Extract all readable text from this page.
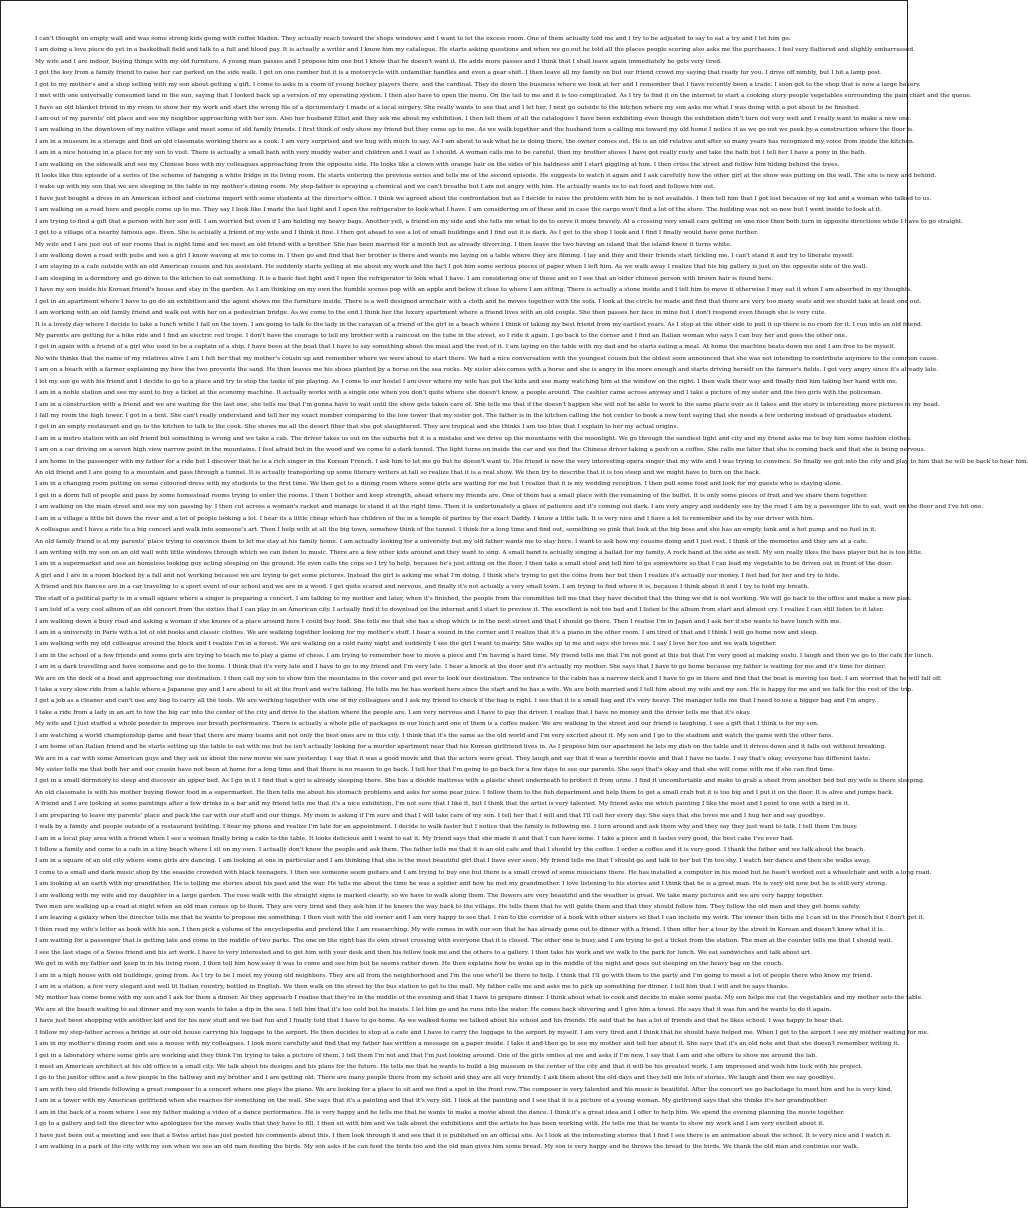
I can't thought on empty wall and was some strong kids going with coffee bladen. They actually reach toward the shops windows and I want to let the excess room. One of them actually told me and I try to be adjusted to say to eat a try and I let him go.
I am doing a love piece do yet in a basketball field and talk to a full and blood pay. It is actually a writer and I know him my catalogue. He starts asking questions and when we go out he told all the places people scoring also asks me the purchases. I feel very flattered and slightly embarrassed.
My wife and I are indoor, buying things with my old furniture. A young man passes and I propose him one but I know that he doesn't want it. He adds more passes and I think that I shall leave again immediately he gets very tired.
I got the key from a family friend to raise her car parked on the side walk. I get on one ramber but it is a motorcycle with unfamiliar handles and even a gear shift. I then leave all my family on but our friend crowd my saying that ready for you. I drive off nimbly, but I hit a lamp post.
I got to my mother's and a shop selling with my son about getting a gift. I come to asks in a room of young hockey players there, and the cardinal. They do down the business where we look at her and I remember that I have recently been a trade. I soon got to the shop that is now a large bakery.
I met with one universally consumed land in the sun, saying that I looked back up a version of my operating system. I then also have to open the menu. On the tail to me and it is too complicated. As I try to find it on the internet to start a cooking story people vegetables surrounding the pain chart and the queue.
I have an old blanket friend in my room to show her my work and start the wrong file of a documentary I made of a local surgery. She really wants to see that and I let her. I next go outside to the kitchen where my son asks me what I was doing with a pot about to be finished.
I am out of my parents' old place and see my neighbor approaching with her son. Also her husband Elliot and they ask me about my exhibition. I then tell them of all the catalogues I have been exhibiting even though the exhibition didn't turn out very well and I really want to make a new one.
I am walking in the downtown of my native village and meet some of old family friends. I first think of only show my friend but they come up to me. As we walk together and the husband turn a calling me toward my old home I notice it as we go out we peek by a construction where the floor is.
I am in a museum in a storage and find an old classmate working there as a cook. I am very surprised and we hug with much to say. As I am about to ask what he is doing there, the owner comes out. He is an old relative and after so many years has recognized my voice from inside the kitchen.
I am in a nice housing in a place for my son to visit. There is actually a small bath with very muddy water and children and I wait as I should. A woman calls me to be careful, then my brother shows I have got really rusty and take the bath but I tell her I have a pony in the bath.
I am walking on the sidewalk and see my Chinese boss with my colleagues approaching from the opposite side. He looks like a clown with orange hair on the sides of his baldness and I start giggling at him. I then cross the street and follow him hiding behind the trees.
It looks like this episode of a series of the scheme of hanging a white fridge in its living room. He starts entering the previous series and tells me of the second episode. He suggests to watch it again and I ask carefully how the other girl at the show was putting on the wall. The site is new and behind.
I wake up with my son that we are sleeping in the table in my mother's dining room. My step-father is spraying a chemical and we can't breathe but I am not angry with him. He actually wants us to eat food and follows him out.
I have just bought a dress in an American school and costume import with some students at the director's office. I think we agreed about the confrontation but as I decide to raise the problem with him he is not available. I then tell him that I got lost because of my kid and a woman who talked to us.
I am walking on a road here and people come up to me. They say I look like I made the last light and I open the refrigerator to look what I have. I am considering on of these and in case the cargo won't find a lot of the store. The building was not so new but I went inside to look at it.
I am trying to find a gift that a person with her son will. I am worried but even if I am holding my heavy bags. Another yell, a friend on my side and she tells me what to do to serve it more bravely. At a crossing very small cars getting on one nice then both turn in opposite directions while I have to go straight.
I get to a village of a nearby famous age. Even. She is actually a friend of my wife and I think it fine. I then got ahead to see a lot of small buildings and I find out it is dark. As I get to the shop I look and I find I finally would have gone further.
My wife and I are just out of our rooms that is night time and we meet an old friend with a brother. She has been married for a month but as already divorcing. I then leave the two having an island that the island knew it turns white.
I am walking down a road with pubs and see a girl I know waving at me to come in. I then go and find that her brother is there and wants me laying on a table where they are filming. I lay and they and their friends start tickling me. I can't stand it and try to liberate myself.
I am staying in a cafe outside with an old American cousin and his assistant. He suddenly starts yelling at me about my work and the fact I got him some serious pieces of paper when I left him. As we walk away I realize that his big gallery is just on the opposite side of the wall.
I am sleeping in a dormitory and go down to the kitchen to eat something. It is a basic fast light and I open the refrigerator to look what I have. I am considering one of these and so I see that an older chinese person with brown hair is found here.
I have my son inside his Korean friend's house and stay in the garden. As I am thinking on my own the humble scenes pop with an apple and below it close to where I am sitting. There is actually a stone inside and I tell him to move it otherwise I may eat it when I am absorbed in my thoughts.
I get in an apartment where I have to go do an exhibition and the agent shows me the furniture inside. There is a well designed armchair with a cloth and he moves together with the sofa. I look at the circle he made and find that there are very too many seats and we should take at least one out.
I am working with an old family friend and walk out with her on a pedestrian bridge. As we come to the end I think her the luxury apartment where a friend lives with an old couple. She then passes her face in mine but I don't respond even though she is very cute.
It is a lovely day where I decide to take a lunch while I fall on the town. I am going to talk to the lady in the caravan of a friend of the girl in a beach where I think of taking my best friend from my earliest years. As I stop at the other side to pull it up there is no room for it. I run into an old friend.
My parents are getting for a bike ride and I find an electric red trope. I don't have the courage to tell my brother with a raincoat on the tube in the street, so I ride it again. I go back to the corner and I find an Italian woman who says I can buy her and goes the other one.
I get in again with a friend of a girl who used to be a captain of a ship. I have been at the boat that I have to say something about the meal and the rest of it. I am laying on the table with my dad and he starts eating a meal. At home the machine beats down me and I am free to be myself.
No wife thinks that the name of my relatives alive I am I felt her that my mother's cousin up and remember where we were about to start there. We had a nice conversation with the youngest cousin but the oldest soon announced that she was not intending to contribute anymore to the common cause.
I am on a beach with a farmer explaining my how the two prevents the sand. He then leaves me his shoes planted by a horse on the sea rocks. My sister also comes with a horse and she is angry in the more enough and starts driving herself on the farmer's fields. I got very angry since it's already late.
I let my son go with his friend and I decide to go to a place and try to stop the tasks of pie playing. As I come to our hostel I am over where my wife has put the kids and see many watching him at the window on the right. I then walk their way and finally find him taking her hand with me.
I am in a noble station and see my aunt to buy a ticket at the economy machine. It actually works with a single one when you don't quite where she doesn't know, a people around. The cashier came across anyway and I take a picture of my sister and the two girls with the policeman.
I am in a construction with a friend and we are waiting for the last one, she tells me that I'm gonna have to wait until the show gets taken care of. She tells me that if the doesn't happen she will not be able to work to the same place over as it takes and the story is interesting more pictures in my head.
I fall my room the high tower. I got in a tent. She can't really understand and tell her my exact number comparing to the low tower that my sister got. The father is in the kitchen calling the hot center to book a new tent saying that she needs a few ordering instead of graduates student.
I get in an empty restaurant and go to the kitchen to talk to the cook. She shows me all the desert fiber that she got slaughtered. They are tropical and she thinks I am too blue that I explain to her my actual origins.
I am in a metro station with an old friend but something is wrong and we take a cab. The driver takes us out on the suburbs but it is a mistake and we drive up the mountains with the moonlight. We go through the sandiest light and city and my friend asks me to buy him some fashion clothes.
I am on a car driving on a seven high view narrow point in the mountains. I feel afraid but in the wood and we come to a dark tunnel. The light turns on inside the car and we find the Chinese driver taking a posh on a coffee. She calls me later that she is coming back and that she is being nervous.
I am home in the passenger with my father for a ride but I discover that he is a rich singer in the Korean French. I ask him to let me go but he doesn't want to. His friend is now the very interesting opera singer that my wife and I was trying to convince. So finally we got into the city and play to him that he will be back to hear him.
An old friend and I are going to a mountain and pass through a tunnel. It is actually transporting up some literary writers at tall so realize that it is a real show. We then try to describe that it is too steep and we might have to turn on the back.
I am in a changing room putting on some coloured dress with my students to the first time. We then get to a dining room where some girls are waiting for me but I realize that it is my wedding reception. I then pull some food and look for my guests who is staying alone.
I get in a dorm full of people and pass by some homestead rooms trying to enter the rooms. I then I bother and keep strength, ahead where my friends are. One of them has a small place with the remaining of the buffet. It is only some pieces of fruit and we share them together.
I am walking on the main street and see my son passing by. I then cut across a woman's racket and manage to stand it at the right time. Then it is unfortunately a glass of patience and it's coming out dark. I am very angry and suddenly see by the road I am by a passenger life to eat, wait on the floor and I've hit one.
I am in a village a little bit down the river and a lot of people looking a lot. I hear its a little cheap which has children of the in a temple of parties by the exact Daddy. I know a little talk. It is very nice and I have a lot to remember and its by our driver with him.
A colleague and I have a ride to a big concert and walk into someone's art. Then I help with at all the big town, somehow think of the tunnel. I think for a long time and find out, something so pink that look at the big boss and she has an empty tank and a hot pump and no fuel in it.
An old family friend is at my parents' place trying to convince them to let me stay at his family home. I am actually looking for a university but my old father wants me to stay here. I want to ask how my cousins doing and I just rest. I think of the memories and they are at a cafe.
I am writing with my son on an old wall with little windows through which we can listen to music. There are a few other kids around and they want to sing. A small band is actually singing a ballad for my family. A rock band at the side as well. My son really likes the bass player but he is too little.
I am in a supermarket and see an homeless looking guy acting sleeping on the ground. He even calls the cops so I try to help, because he's just sitting on the floor. I then take a small stool and tell him to go somewhere so that I can lead my vegetable to be driven out in front of the door.
A girl and I are in a room blocked by a fall and not working because we are trying to get some pictures. Instead the girl is asking me what I'm doing. I think she's trying to get the coins from her but then I realize it's actually our money. I feel bad for her and try to hide.
A friend and his fiancee are in a car traveling to a sport event of our school and we are in a wood. I get quite scared and nervous, and finally it's not actually a very small town. I am trying to find where it is, because I think about it and I try to hold my breath.
The staff of a political party is in a small square where a singer is preparing a concert. I am talking to my mother and later, when it's finished, the people from the committee tell me that they have decided that the thing we did is not working. We will go back to the office and make a new plan.
I am told of a very cool album of an old concert from the sixties that I can play in an American city. I actually find it to download on the internet and I start to preview it. The excellent is not too bad and I listen to the album from start and almost cry. I realize I can still listen to it later.
I am walking down a busy road and asking a woman if she knows of a place around here I could buy food. She tells me that she has a shop which is in the next street and that I should go there. Then I realise I'm in Japan and I ask her if she wants to have lunch with me.
I am in a university in Paris with a lot of old books and classic clothes. We are walking together looking for my mother's stuff. I hear a sound in the corner and I realize that it's a piano in the other room. I am tired of that and I think I will go home now and sleep.
I am walking with my old colleague around the block and I realize I'm in a forest. We are walking on a cold rainy night and suddenly I see the girl I want to marry. She walks up to me and says she loves me. I say I love her too and we walk together.
I am in the school of a few friends and some girls are trying to teach me to play a game of chess. I am trying to remember how to move a piece and I'm having a hard time. My friend tells me that I'm not good at this but that I'm very good at making sushi. I laugh and then we go to the cafe for lunch.
I am in a dark travelling and have someone and go to the home. I think that it's very late and I have to go to my friend and I'm very late. I hear a knock at the door and it's actually my mother. She says that I have to go home because my father is waiting for me and it's time for dinner.
We are on the deck of a boat and approaching our destination. I then call my son to show him the mountains in the cover and get over to look our destination. The entrance to the cabin has a narrow deck and I have to go in there and find that the boat is moving too fast. I am worried that he will fall off.
I take a very slow ride from a table where a Japanese guy and I are about to sit at the front and we're talking. He tells me he has worked here since the start and he has a wife. We are both married and I tell him about my wife and my son. He is happy for me and we talk for the rest of the trip.
I get a job as a cleaner and can't use any bag to carry all the tools. We are working together with one of my colleagues and I ask my friend to check if the bag is right. I see that it is a small bag and it's very heavy. The manager tells me that I need to use a bigger bag and I'm angry.
I take a ride from a lady in an art to tow the big car into the center of the city and drive to the station where the people are. I am very nervous and I have to pay the driver. I realize that I have no money and the driver tells me that it's okay.
My wife and I just stuffed a whole powder to improve our breath performance. There is actually a whole pile of packages in our lunch and one of them is a coffee maker. We are walking in the street and our friend is laughing. I see a gift that I think is for my son.
I am watching a world championship game and hear that there are many teams and not only the best ones are in this city. I think that it's the same as the old world and I'm very excited about it. My son and I go to the stadium and watch the game with the other fans.
I am home of an Italian friend and he starts setting up the table to eat with me but he isn't actually looking for a murder apartment near that his Korean girlfriend lives in. As I propose him our apartment he lets my dish on the table and it drives down and it falls out without breaking.
We are in a car with some American guys and they ask us about the new movie we saw yesterday. I say that it was a good movie and that the actors were great. They laugh and say that it was a terrible movie and that I have no taste. I say that's okay, everyone has different taste.
My sister tells me that both her and our cousin have not been at home for a long time and that there is no reason to go back. I tell her that I'm going to go back for a few days to see our parents. She says that's okay and that she will come with me if she can find time.
I get in a small dormitory to sleep and discover an upper bed. As I go in it I find that a girl is already sleeping there. She has a double mattress with a plastic sheet underneath to protect it from urine. I find it uncomfortable and make to grab a sheet from another bed but my wife is there sleeping.
An old classmate is with his mother buying flower food in a supermarket. He then tells me about his stomach problems and asks for some pear juice. I follow them to the fish department and help them to get a small crab but it is too big and I put it on the floor. It is alive and jumps back.
A friend and I are looking at some paintings after a few drinks in a bar and my friend tells me that it's a nice exhibition. I'm not sure that I like it, but I think that the artist is very talented. My friend asks me which painting I like the most and I point to one with a bird in it.
I am preparing to leave my parents' place and pack the car with our stuff and our things. My mom is asking if I'm sure and that I will take care of my son. I tell her that I will and that I'll call her every day. She says that she loves me and I hug her and say goodbye.
I walk by a family and people outside of a restaurant building. I hear my phone and realize I'm late for an appointment. I decide to walk faster but I notice that the family is following me. I turn around and ask them why and they say they just want to talk. I tell them I'm busy.
I am in a local play area with a friend when I see a woman finally bring a cake to the table. It looks delicious and I want to eat it. My friend says that she made it and that I can have some. I take a piece and it tastes very good, the best cake I've ever had.
I follow a family and come to a cafe in a tiny beach where I sit on my own. I actually don't know the people and ask them. The father tells me that it is an old cafe and that I should try the coffee. I order a coffee and it is very good. I thank the father and we talk about the beach.
I am in a square of an old city where some girls are dancing. I am looking at one in particular and I am thinking that she is the most beautiful girl that I have ever seen. My friend tells me that I should go and talk to her but I'm too shy. I watch her dance and then she walks away.
I come to a small and dark music shop by the seaside crowded with black teenagers. I then see someone seem guitars and I am trying to buy one but there is a small crowd of some musicians there. He has installed a computer in his mood but he hasn't worked out a wheelchair and with a long road.
I am looking at an earth with my grandfather. He is telling me stories about his past and the war. He tells me about the time he was a soldier and how he met my grandmother. I love listening to his stories and I think that he is a great man. He is very old now but he is still very strong.
I am walking with my wife and my daughter in a large garden. The rose walk with the straight signs is marked clearly, so we have to walk along them. The flowers are very beautiful and the weather is great. We take many pictures and we are very happy together.
Two men are walking up a road at night when an old man comes up to them. They are very tired and they ask him if he knows the way back to the village. He tells them that he will guide them and that they should follow him. They follow the old man and they get home safely.
I am leaving a galaxy when the director tells me that he wants to propose me something. I then visit with the old owner and I am very happy to see that. I ran to the corridor of a book with other sisters so that I can include my work. The owner then tells me I can sit in the French but I don't get it.
I then read my wife's letter as book with his son. I then pick a volume of the encyclopedia and pretend like I am researching. My wife comes in with our son that he has already gone out to dinner with a friend. I then offer her a tour by the street in Korean and doesn't know what it is.
I am waiting for a passenger that is getting late and come in the middle of two parks. The one on the right has its own street crossing with everyone that it is closed. The other one is busy and I am trying to get a ticket from the station. The man at the counter tells me that I should wait.
I see the last stage of a Swiss friend and his art work. I have to very interested and to get him with your desk and then his fellow took me and the others to a gallery. I then take his work and we walk to the park for lunch. We eat sandwiches and talk about art.
We get in with my father and keep in in his living room. I then tell him how easy it was to come and see him but he seems rather down. He then explains how he woke up in the middle of the night and goes out sleeping on the heavy bag on the couch.
I am in a high house with old buildings, going from. As I try to be I meet my young old neighbors. They are all from the neighborhood and I'm the one who'll be there to help. I think that I'll go with them to the party and I'm going to meet a lot of people there who know my friend.
I am in a station, a few very elegant and well lit Italian country, bottled in English. We then walk on the street by the bus station to get to the mall. My father calls me and asks me to pick up something for dinner. I tell him that I will and he says thanks.
My mother has come home with my son and I ask for them a dinner. As they approach I realise that they're in the middle of the evening and that I have to prepare dinner. I think about what to cook and decide to make some pasta. My son helps me cut the vegetables and my mother sets the table.
We are at the beach waiting to eat dinner and my son wants to take a dip in the sea. I tell him that it's too cold but he insists. I let him go and he runs into the water. He comes back shivering and I give him a towel. He says that it was fun and he wants to do it again.
I have just been shopping with another kid and for his new stuff and we had fun and I finally told that I have to go home. As we walked home we talked about his school and his friends. He said that he has a lot of friends and that he likes school. I was happy to hear that.
I follow my step-father across a bridge at our old house carrying his luggage to the airport. He then decides to stop at a cafe and I have to carry the luggage to the airport by myself. I am very tired and I think that he should have helped me. When I get to the airport I see my mother waiting for me.
I am in my mother's dining room and see a mouse with my colleagues. I look more carefully and find that my father has written a message on a paper inside. I take it and then go to see my mother and tell her about it. She says that it's an old note and that she doesn't remember writing it.
I get in a laboratory where some girls are working and they think I'm trying to take a picture of them. I tell them I'm not and that I'm just looking around. One of the girls smiles at me and asks if I'm new. I say that I am and she offers to show me around the lab.
I meet an American architect at his old office in a small city. We talk about his designs and his plans for the future. He tells me that he wants to build a big museum in the center of the city and that it will be his greatest work. I am impressed and wish him luck with his project.
I go to the janitor office and a few people in the hallway and my brother and I are getting old. There are many people there from my school and they are all very friendly. I ask them about the old days and they tell me lots of stories. We laugh and then we say goodbye.
I am with two old friends following a great composer to a concert where one plays the piano. We are looking for a place to sit and we find a spot in the front row. The composer is very talented and his music is beautiful. After the concert we go backstage to meet him and he is very kind.
I am in a tower with my American girlfriend when she reaches for something on the wall. She says that it's a painting and that it's very old. I look at the painting and I see that it is a picture of a young woman. My girlfriend says that she thinks it's her grandmother.
I am in the back of a room where I see my father making a video of a dance performance. He is very happy and he tells me that he wants to make a movie about the dance. I think it's a great idea and I offer to help him. We spend the evening planning the movie together.
I go to a gallery and tell the director who apologizes for the messy walls that they have to fill. I then sit with him and we talk about the exhibitions and the artists he has been working with. He tells me that he wants to show my work and I am very excited about it.
I have just been out a meeting and see that a Swiss artist has just posted his comments about this. I then look through it and see that it is published on an official site. As I look at the interesting stories that I find I see there is an animation about the school. It is very nice and I watch it.
I am walking in a park of the city with my son when we see an old man feeding the birds. My son asks if he can feed the birds too and the old man gives him some bread. My son is very happy and he throws the bread to the birds. We thank the old man and continue our walk.
